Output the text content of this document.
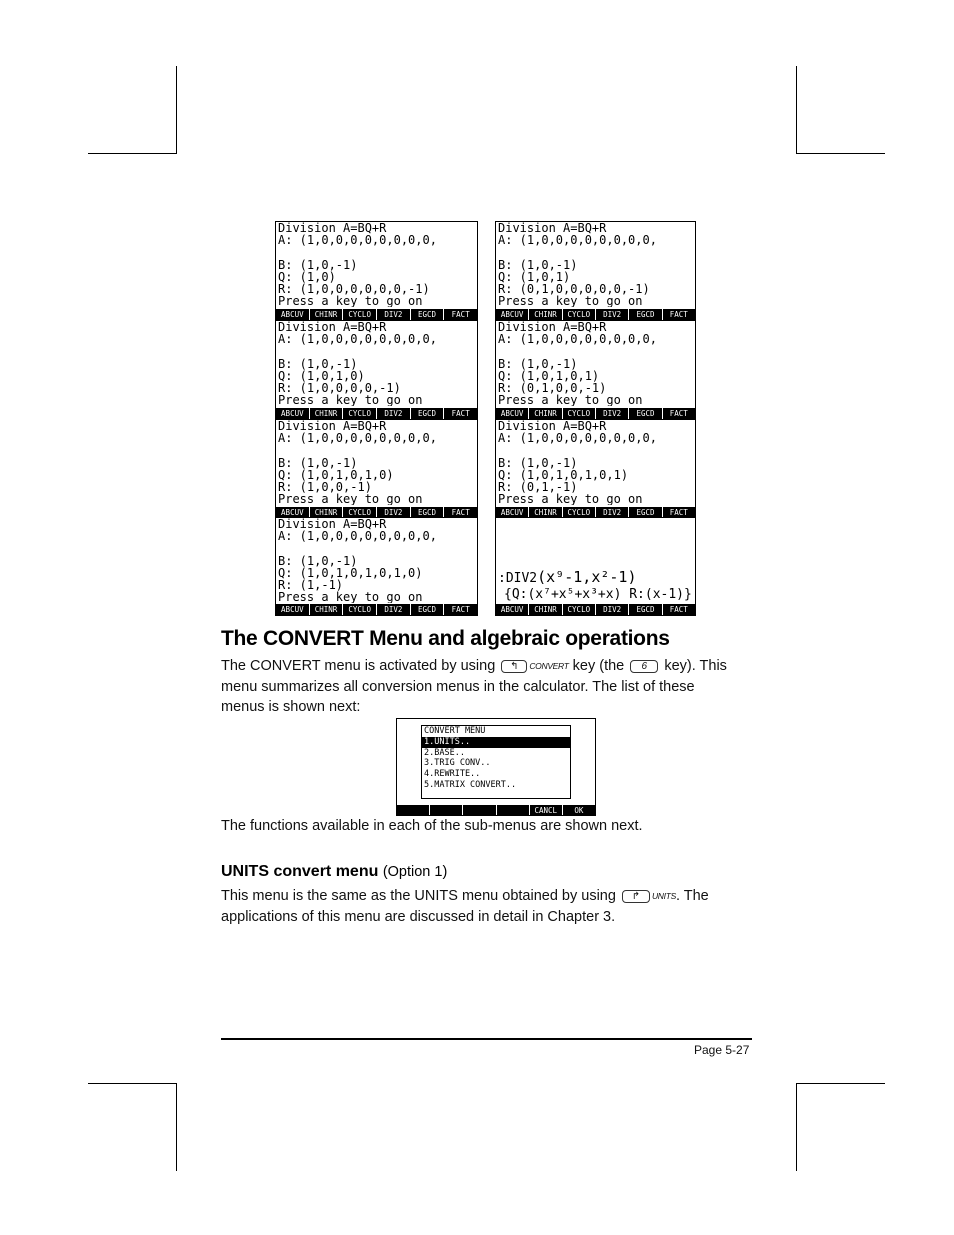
Division A=BQ+R
A: (1,0,0,0,0,0,0,0,0,
B: (1,0,-1)
Q: (1,0)
R: (1,0,0,0,0,0,0,-1)
Press a key to go on
ABCUV	CHINR	CYCLO	DIV2	EGCD	FACT
Division A=BQ+R
A: (1,0,0,0,0,0,0,0,0,
B: (1,0,-1)
Q: (1,0,1)
R: (0,1,0,0,0,0,0,-1)
Press a key to go on
ABCUV	CHINR	CYCLO	DIV2	EGCD	FACT
Division A=BQ+R
A: (1,0,0,0,0,0,0,0,0,
B: (1,0,-1)
Q: (1,0,1,0)
R: (1,0,0,0,0,-1)
Press a key to go on
ABCUV	CHINR	CYCLO	DIV2	EGCD	FACT
Division A=BQ+R
A: (1,0,0,0,0,0,0,0,0,
B: (1,0,-1)
Q: (1,0,1,0,1)
R: (0,1,0,0,-1)
Press a key to go on
ABCUV	CHINR	CYCLO	DIV2	EGCD	FACT
Division A=BQ+R
A: (1,0,0,0,0,0,0,0,0,
B: (1,0,-1)
Q: (1,0,1,0,1,0)
R: (1,0,0,-1)
Press a key to go on
ABCUV	CHINR	CYCLO	DIV2	EGCD	FACT
Division A=BQ+R
A: (1,0,0,0,0,0,0,0,0,
B: (1,0,-1)
Q: (1,0,1,0,1,0,1)
R: (0,1,-1)
Press a key to go on
ABCUV	CHINR	CYCLO	DIV2	EGCD	FACT
Division A=BQ+R
A: (1,0,0,0,0,0,0,0,0,
B: (1,0,-1)
Q: (1,0,1,0,1,0,1,0)
R: (1,-1)
Press a key to go on
ABCUV	CHINR	CYCLO	DIV2	EGCD	FACT
:DIV2(x⁹-1,x²-1)
{Q:(x⁷+x⁵+x³+x) R:(x-1)}
ABCUV	CHINR	CYCLO	DIV2	EGCD	FACT
The CONVERT Menu and algebraic operations
The CONVERT menu is activated by using ↰ CONVERT key (the 6 key). This
menu summarizes all conversion menus in the calculator. The list of these
menus is shown next:
CONVERT MENU
1.UNITS..
2.BASE..
3.TRIG CONV..
4.REWRITE..
5.MATRIX CONVERT..
CANCL	OK
The functions available in each of the sub-menus are shown next.
UNITS convert menu (Option 1)
This menu is the same as the UNITS menu obtained by using ↱ UNITS. The
applications of this menu are discussed in detail in Chapter 3.
Page 5-27
